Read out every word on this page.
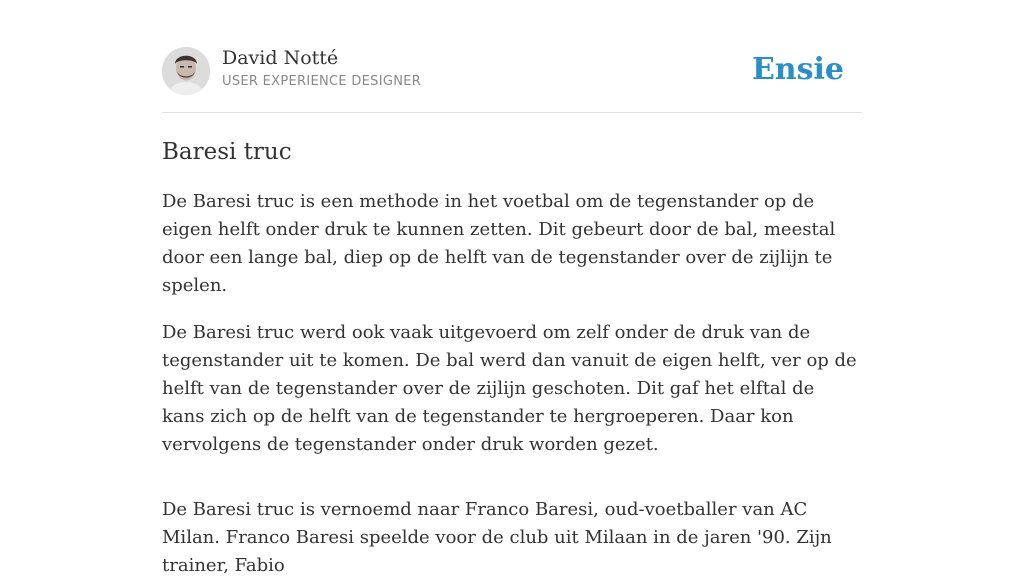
David Notté
USER EXPERIENCE DESIGNER	Ensie
Baresi truc

De Baresi truc is een methode in het voetbal om de tegenstander op de eigen helft onder druk te kunnen zetten. Dit gebeurt door de bal, meestal door een lange bal, diep op de helft van de tegenstander over de zijlijn te spelen.

De Baresi truc werd ook vaak uitgevoerd om zelf onder de druk van de tegenstander uit te komen. De bal werd dan vanuit de eigen helft, ver op de helft van de tegenstander over de zijlijn geschoten. Dit gaf het elftal de kans zich op de helft van de tegenstander te hergroeperen. Daar kon vervolgens de tegenstander onder druk worden gezet.

De Baresi truc is vernoemd naar Franco Baresi, oud-voetballer van AC Milan. Franco Baresi speelde voor de club uit Milaan in de jaren '90. Zijn trainer, Fabio
